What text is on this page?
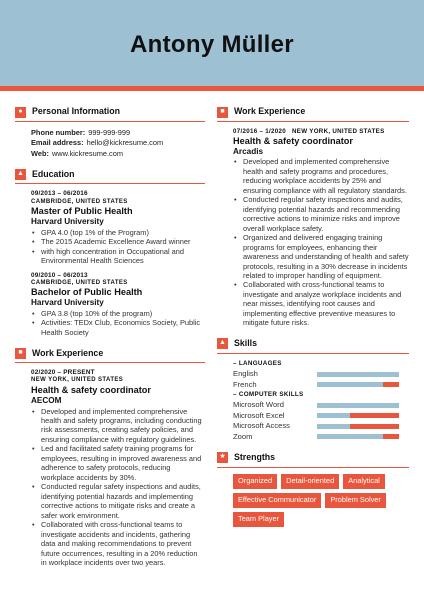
Antony Müller
●	Personal Information
Phone number: 999-999-999
Email address: hello@kickresume.com
Web: www.kickresume.com
▲ Education
09/2013 – 06/2016
CAMBRIDGE, UNITED STATES
Master of Public Health
Harvard University
• GPA 4.0 (top 1% of the Program)
• The 2015 Academic Excellence Award winner
• with high concentration in Occupational and Environmental Health Sciences
09/2010 – 06/2013
CAMBRIDGE, UNITED STATES
Bachelor of Public Health
Harvard University
• GPA 3.8 (top 10% of the program)
• Activities: TEDx Club, Economics Society, Public Health Society
■	Work Experience
02/2020 – PRESENT
NEW YORK, UNITED STATES
Health & safety coordinator
AECOM
• Developed and implemented comprehensive health and safety programs, including conducting risk assessments, creating safety policies, and ensuring compliance with regulatory guidelines.
• Led and facilitated safety training programs for employees, resulting in improved awareness and adherence to safety protocols, reducing workplace accidents by 30%.
• Conducted regular safety inspections and audits, identifying potential hazards and implementing corrective actions to mitigate risks and create a safer work environment.
• Collaborated with cross-functional teams to investigate accidents and incidents, gathering data and making recommendations to prevent future occurrences, resulting in a 20% reduction in workplace incidents over two years.
■	Work Experience
07/2016 – 1/2020   NEW YORK, UNITED STATES
Health & safety coordinator
Arcadis
• Developed and implemented comprehensive health and safety programs and procedures, reducing workplace accidents by 25% and ensuring compliance with all regulatory standards.
• Conducted regular safety inspections and audits, identifying potential hazards and recommending corrective actions to minimize risks and improve overall workplace safety.
• Organized and delivered engaging training programs for employees, enhancing their awareness and understanding of health and safety protocols, resulting in a 30% decrease in incidents related to improper handling of equipment.
• Collaborated with cross-functional teams to investigate and analyze workplace incidents and near misses, identifying root causes and implementing effective preventive measures to mitigate future risks.
▲ Skills
– LANGUAGES
English
French
– COMPUTER SKILLS
Microsoft Word
Microsoft Excel
Microsoft Access
Zoom
★ Strengths
Organized	Detail-oriented	Analytical
Effective Communicator	Problem Solver
Team Player
